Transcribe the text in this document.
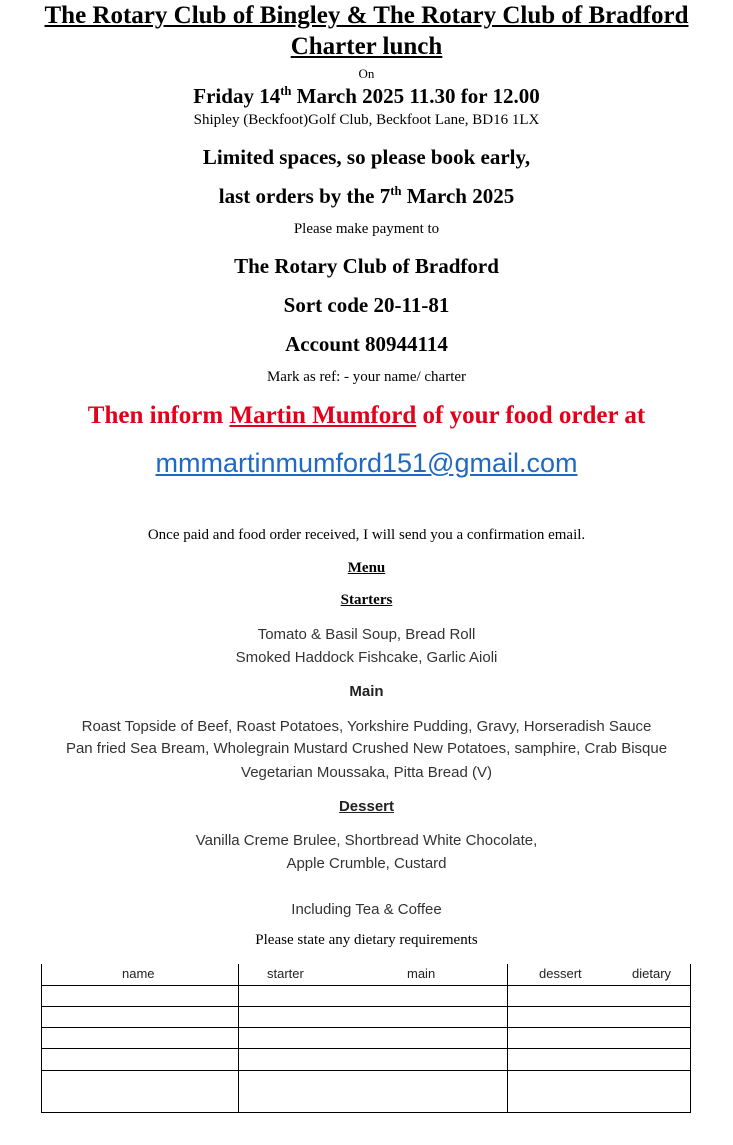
The Rotary Club of Bingley & The Rotary Club of Bradford
Charter lunch
On
Friday 14th March 2025 11.30 for 12.00
Shipley (Beckfoot)Golf Club, Beckfoot Lane, BD16 1LX
Limited spaces, so please book early,
last orders by the 7th March 2025
Please make payment to
The Rotary Club of Bradford
Sort code 20-11-81
Account 80944114
Mark as ref: - your name/ charter
Then inform Martin Mumford of your food order at
mmmartinmumford151@gmail.com
Once paid and food order received, I will send you a confirmation email.
Menu
Starters
Tomato & Basil Soup, Bread Roll
Smoked Haddock Fishcake, Garlic Aioli
Main
Roast Topside of Beef, Roast Potatoes, Yorkshire Pudding, Gravy, Horseradish Sauce
Pan fried Sea Bream, Wholegrain Mustard Crushed New Potatoes, samphire, Crab Bisque
Vegetarian Moussaka, Pitta Bread (V)
Dessert
Vanilla Creme Brulee, Shortbread White Chocolate,
Apple Crumble, Custard
Including Tea & Coffee
Please state any dietary requirements
name	starter	main	dessert	dietary
